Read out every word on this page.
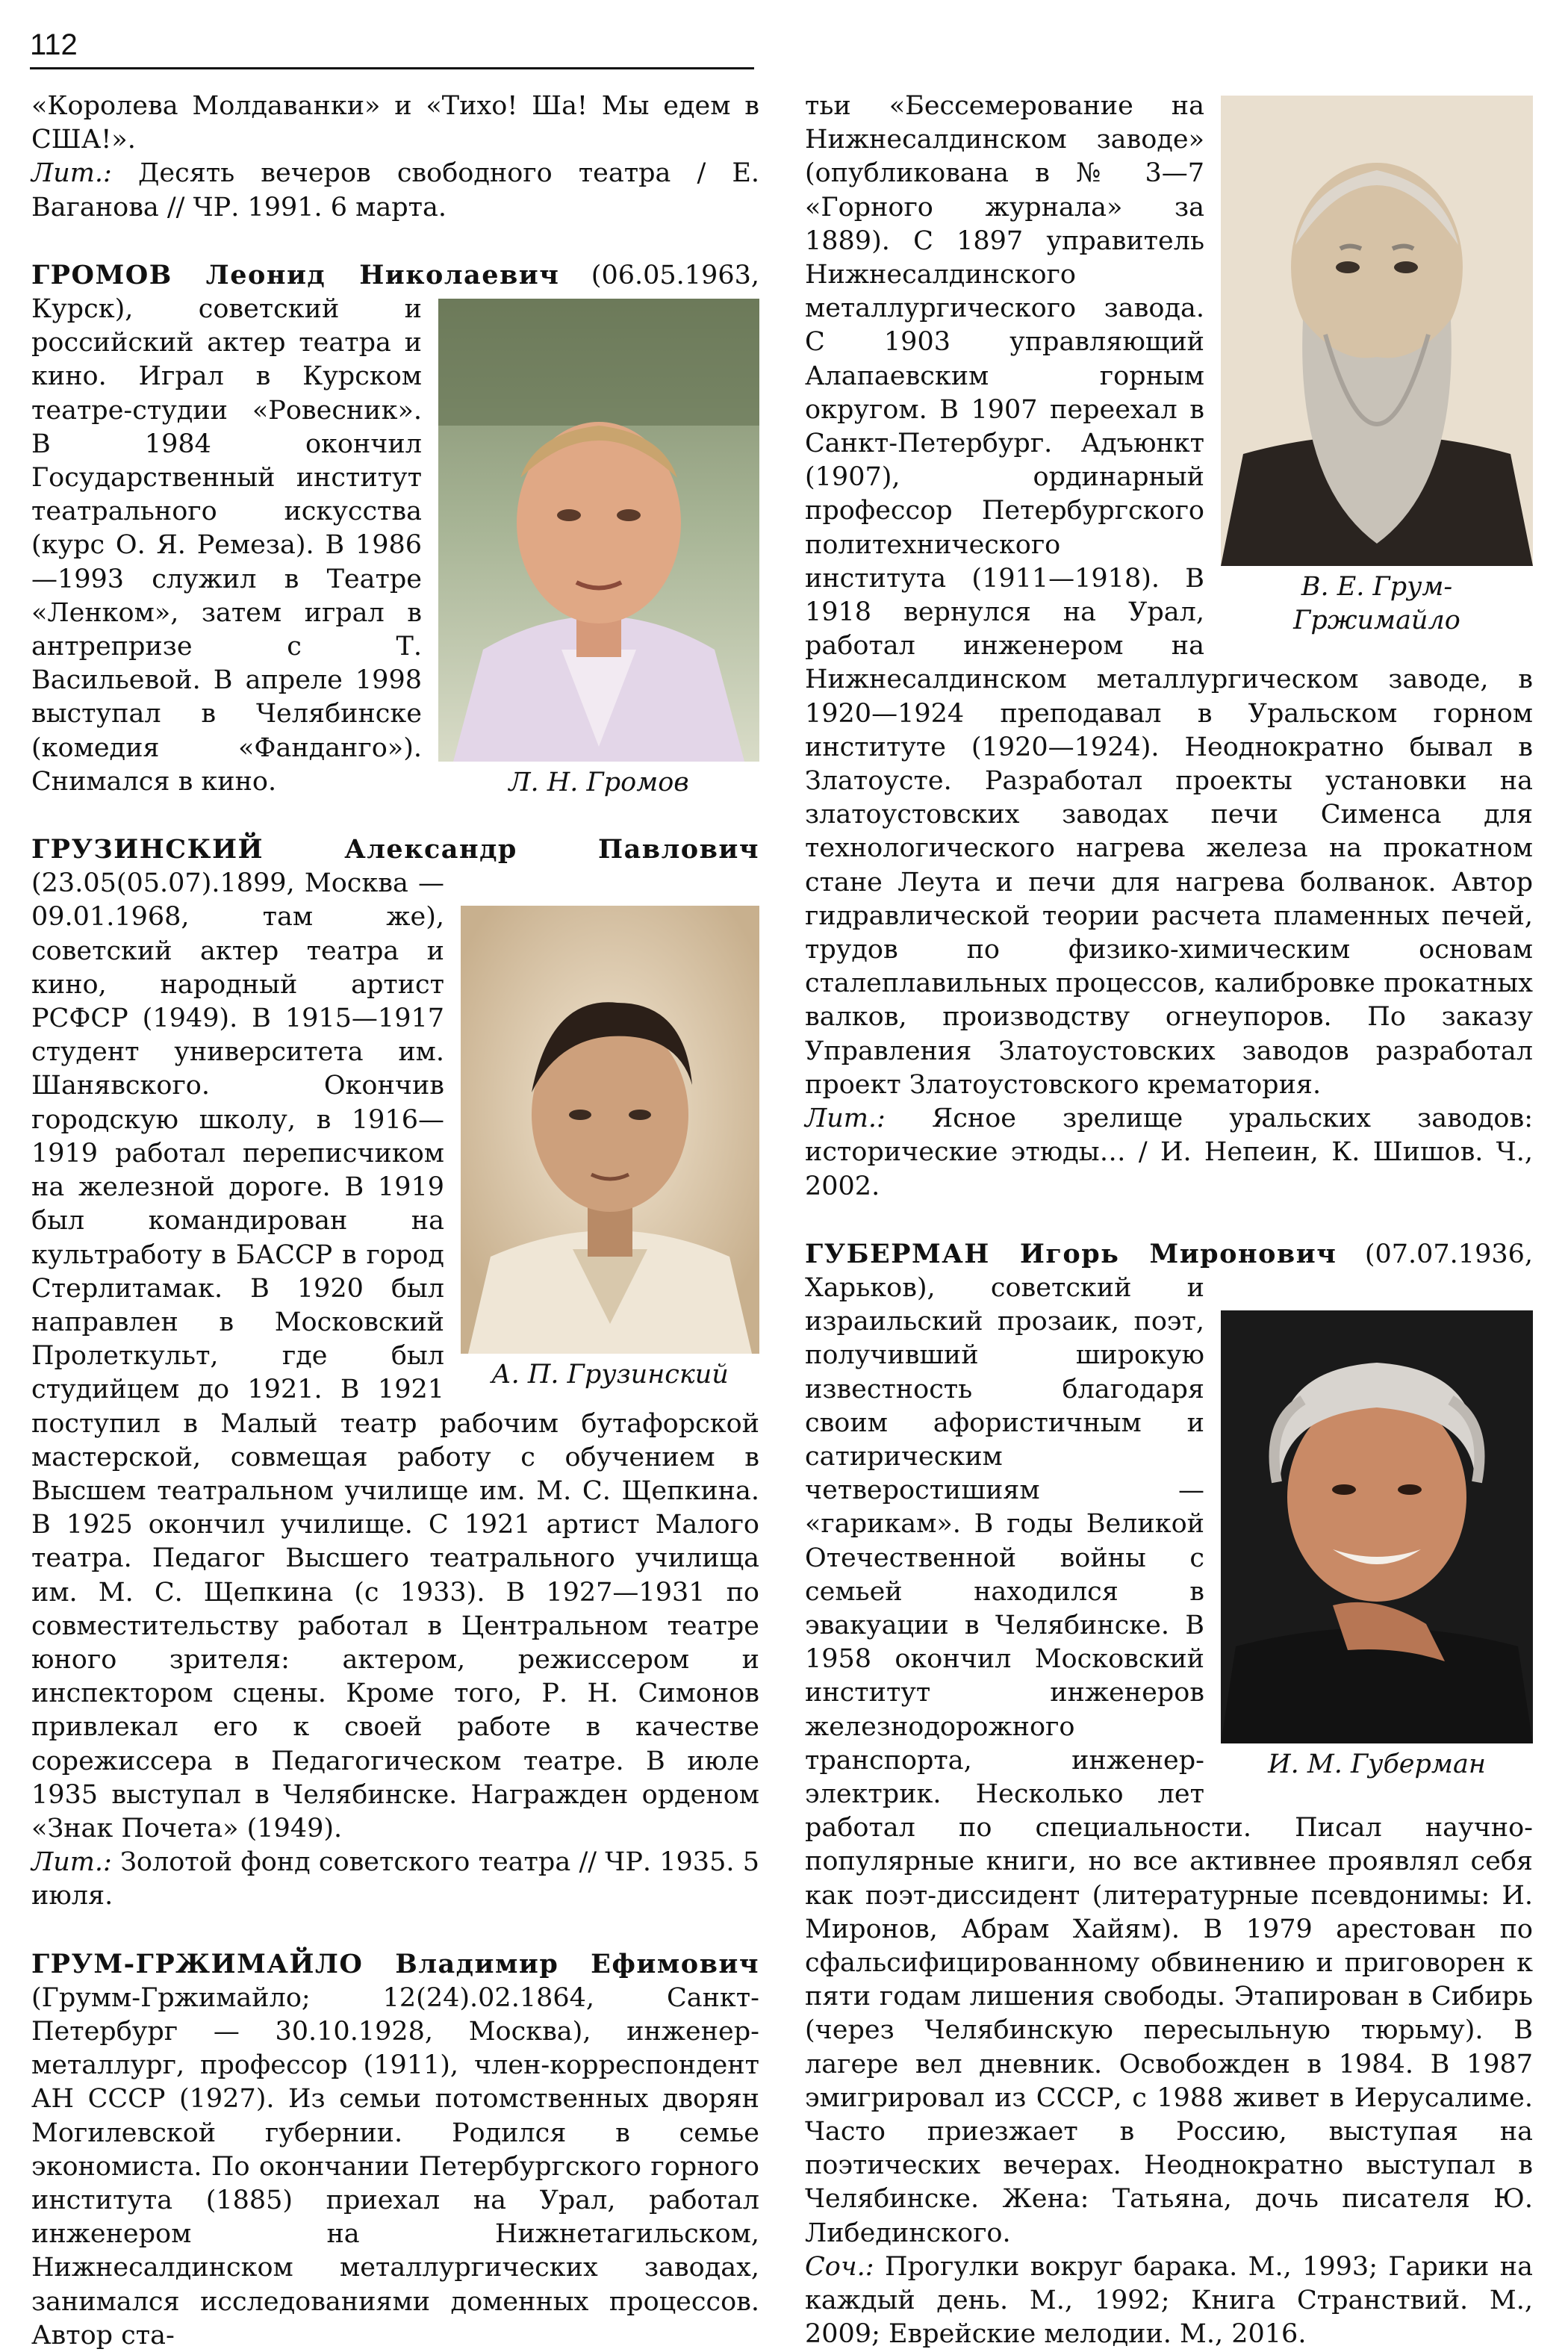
112
«Королева Молдаванки» и «Тихо! Ша! Мы едем в США!».
Лит.: Десять вечеров свободного театра / Е. Ваганова // ЧР. 1991. 6 марта.
ГРОМОВ Леонид Николаевич
Л. Н. Громов
(06.05.1963, Курск), советский и российский актер театра и кино. Играл в Курском театре-студии «Ровесник». В 1984 окончил Государственный институт театрального искусства (курс О. Я. Ремеза). В 1986—1993 служил в Театре «Ленком», затем играл в антрепризе с Т. Васильевой. В апреле 1998 выступал в Челябинске (комедия «Фанданго»). Снимался в кино.
ГРУЗИНСКИЙ Александр Павлович
А. П. Грузинский
(23.05(05.07).1899, Москва — 09.01.1968, там же), советский актер театра и кино, народный артист РСФСР (1949). В 1915—1917 студент университета им. Шанявского. Окончив городскую школу, в 1916—1919 работал переписчиком на железной дороге. В 1919 был командирован на культработу в БАССР в город Стерлитамак. В 1920 был направлен в Московский Пролеткульт, где был студийцем до 1921. В 1921 поступил в Малый театр рабочим бутафорской мастерской, совмещая работу с обучением в Высшем театральном училище им. М. С. Щепкина. В 1925 окончил училище. С 1921 артист Малого театра. Педагог Высшего театрального училища им. М. С. Щепкина (с 1933). В 1927—1931 по совместительству работал в Центральном театре юного зрителя: актером, режиссером и инспектором сцены. Кроме того, Р. Н. Симонов привлекал его к своей работе в качестве сорежиссера в Педагогическом театре. В июле 1935 выступал в Челябинске. Награжден орденом «Знак Почета» (1949).
Лит.: Золотой фонд советского театра // ЧР. 1935. 5 июля.
ГРУМ-ГРЖИМАЙЛО Владимир Ефимович (Грумм-Гржимайло; 12(24).02.1864, Санкт-Петербург — 30.10.1928, Москва), инженер-металлург, профессор (1911), член-корреспондент АН СССР (1927). Из семьи потомственных дворян Могилевской губернии. Родился в семье экономиста. По окончании Петербургского горного института (1885) приехал на Урал, работал инженером на Нижнетагильском, Нижнесалдинском металлургических заводах, занимался исследованиями доменных процессов. Автор ста-
В. Е. Грум-Гржимайло
тьи «Бессемерование на Нижнесалдинском заводе» (опубликована в № 3—7 «Горного журнала» за 1889). С 1897 управитель Нижнесалдинского металлургического завода. С 1903 управляющий Алапаевским горным округом. В 1907 переехал в Санкт-Петербург. Адъюнкт (1907), ординарный профессор Петербургского политехнического института (1911—1918). В 1918 вернулся на Урал, работал инженером на Нижнесалдинском металлургическом заводе, в 1920—1924 преподавал в Уральском горном институте (1920—1924). Неоднократно бывал в Златоусте. Разработал проекты установки на златоустовских заводах печи Сименса для технологического нагрева железа на прокатном стане Леута и печи для нагрева болванок. Автор гидравлической теории расчета пламенных печей, трудов по физико-химическим основам сталеплавильных процессов, калибровке прокатных валков, производству огнеупоров. По заказу Управления Златоустовских заводов разработал проект Златоустовского крематория.
Лит.: Ясное зрелище уральских заводов: исторические этюды… / И. Непеин, К. Шишов. Ч., 2002.
ГУБЕРМАН Игорь Миронович
И. М. Губерман
(07.07.1936, Харьков), советский и израильский прозаик, поэт, получивший широкую известность благодаря своим афористичным и сатирическим четверостишиям — «гарикам». В годы Великой Отечественной войны с семьей находился в эвакуации в Челябинске. В 1958 окончил Московский институт инженеров железнодорожного транспорта, инженер-электрик. Несколько лет работал по специальности. Писал научно-популярные книги, но все активнее проявлял себя как поэт-диссидент (литературные псевдонимы: И. Миронов, Абрам Хайям). В 1979 арестован по сфальсифицированному обвинению и приговорен к пяти годам лишения свободы. Этапирован в Сибирь (через Челябинскую пересыльную тюрьму). В лагере вел дневник. Освобожден в 1984. В 1987 эмигрировал из СССР, с 1988 живет в Иерусалиме. Часто приезжает в Россию, выступая на поэтических вечерах. Неоднократно выступал в Челябинске. Жена: Татьяна, дочь писателя Ю. Либединского.
Соч.: Прогулки вокруг барака. М., 1993; Гарики на каждый день. М., 1992; Книга Странствий. М., 2009; Еврейские мелодии. М., 2016.
